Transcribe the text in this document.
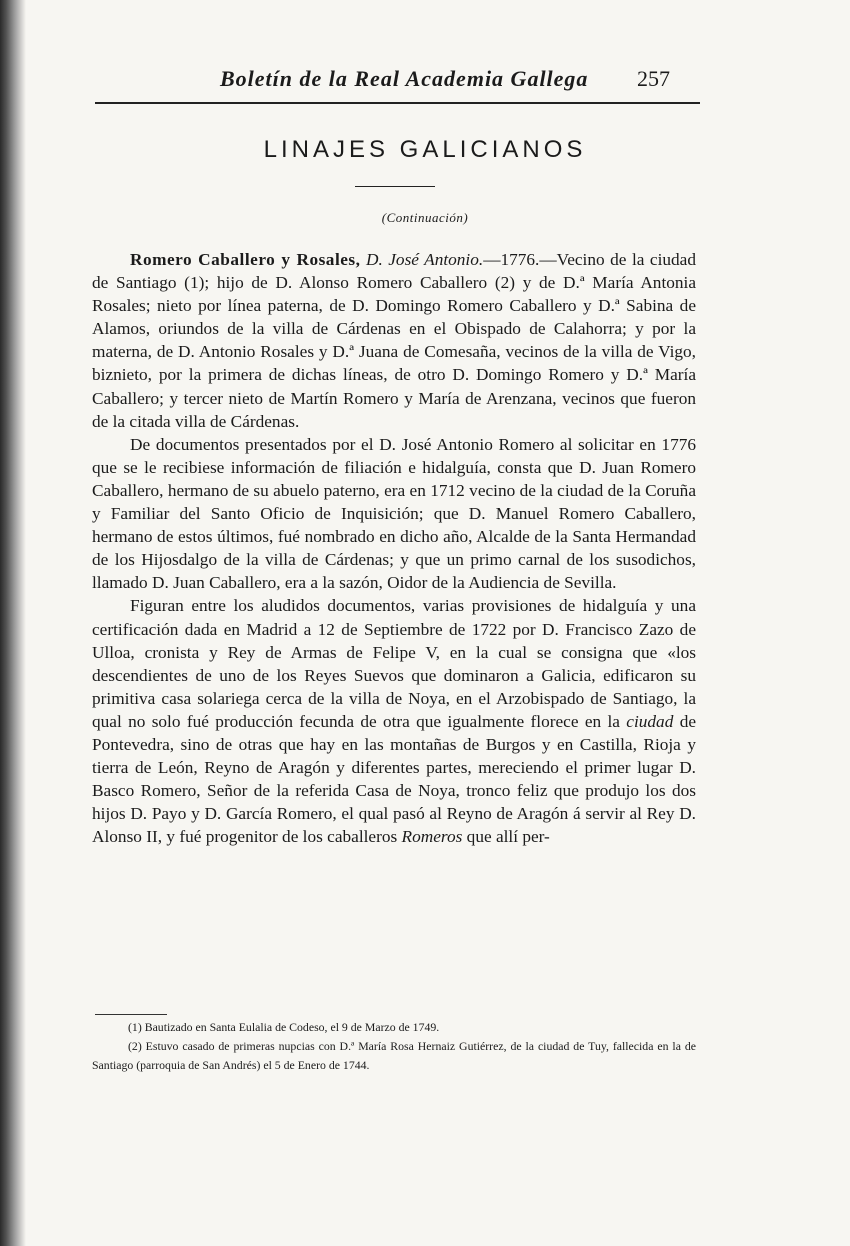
Boletín de la Real Academia Gallega 257
LINAJES GALICIANOS
(Continuación)

Romero Caballero y Rosales, D. José Antonio.—1776.—Vecino de la ciudad de Santiago (1); hijo de D. Alonso Romero Caballero (2) y de D.ª María Antonia Rosales; nieto por línea paterna, de D. Domingo Romero Caballero y D.ª Sabina de Alamos, oriundos de la villa de Cárdenas en el Obispado de Calahorra; y por la materna, de D. Antonio Rosales y D.ª Juana de Comesaña, vecinos de la villa de Vigo, biznieto, por la primera de dichas líneas, de otro D. Domingo Romero y D.ª María Caballero; y tercer nieto de Martín Romero y María de Arenzana, vecinos que fueron de la citada villa de Cárdenas.

De documentos presentados por el D. José Antonio Romero al solicitar en 1776 que se le recibiese información de filiación e hidalguía, consta que D. Juan Romero Caballero, hermano de su abuelo paterno, era en 1712 vecino de la ciudad de la Coruña y Familiar del Santo Oficio de Inquisición; que D. Manuel Romero Caballero, hermano de estos últimos, fué nombrado en dicho año, Alcalde de la Santa Hermandad de los Hijosdalgo de la villa de Cárdenas; y que un primo carnal de los susodichos, llamado D. Juan Caballero, era a la sazón, Oidor de la Audiencia de Sevilla.

Figuran entre los aludidos documentos, varias provisiones de hidalguía y una certificación dada en Madrid a 12 de Septiembre de 1722 por D. Francisco Zazo de Ulloa, cronista y Rey de Armas de Felipe V, en la cual se consigna que «los descendientes de uno de los Reyes Suevos que dominaron a Galicia, edificaron su primitiva casa solariega cerca de la villa de Noya, en el Arzobispado de Santiago, la qual no solo fué producción fecunda de otra que igualmente florece en la ciudad de Pontevedra, sino de otras que hay en las montañas de Burgos y en Castilla, Rioja y tierra de León, Reyno de Aragón y diferentes partes, mereciendo el primer lugar D. Basco Romero, Señor de la referida Casa de Noya, tronco feliz que produjo los dos hijos D. Payo y D. García Romero, el qual pasó al Reyno de Aragón á servir al Rey D. Alonso II, y fué progenitor de los caballeros Romeros que allí per-

(1) Bautizado en Santa Eulalia de Codeso, el 9 de Marzo de 1749.

(2) Estuvo casado de primeras nupcias con D.ª María Rosa Hernaiz Gutiérrez, de la ciudad de Tuy, fallecida en la de Santiago (parroquia de San Andrés) el 5 de Enero de 1744.
